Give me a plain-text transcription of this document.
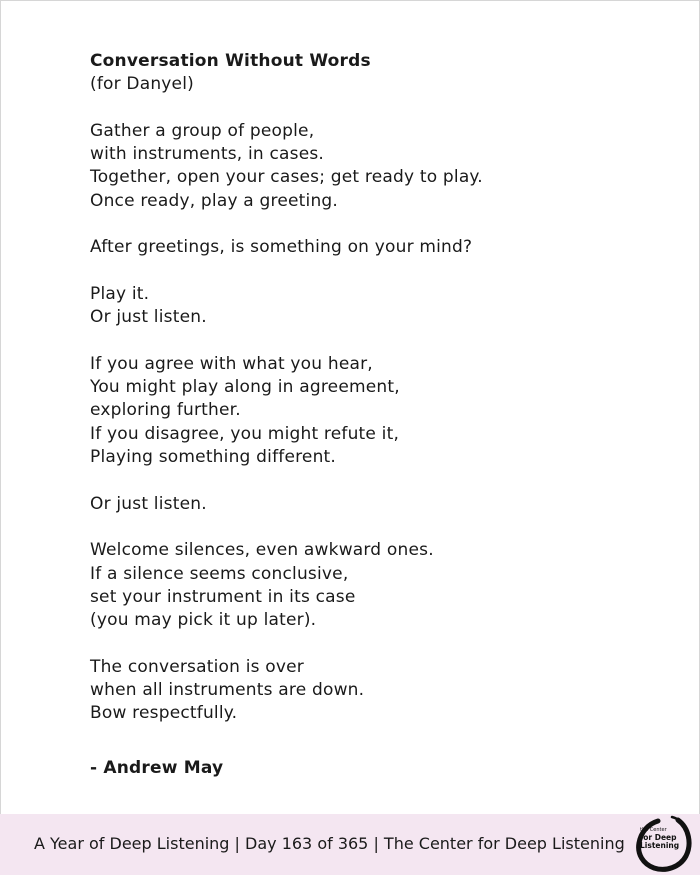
Conversation Without Words

(for Danyel)

Gather a group of people,

with instruments, in cases.

Together, open your cases; get ready to play.

Once ready, play a greeting.

After greetings, is something on your mind?

Play it.

Or just listen.

If you agree with what you hear,

You might play along in agreement,

exploring further.

If you disagree, you might refute it,

Playing something different.

Or just listen.

Welcome silences, even awkward ones.

If a silence seems conclusive,

set your instrument in its case

(you may pick it up later).

The conversation is over

when all instruments are down.

Bow respectfully.

- Andrew May

A Year of Deep Listening | Day 163 of 365 | The Center for Deep Listening
the Center
for Deep
Listening
